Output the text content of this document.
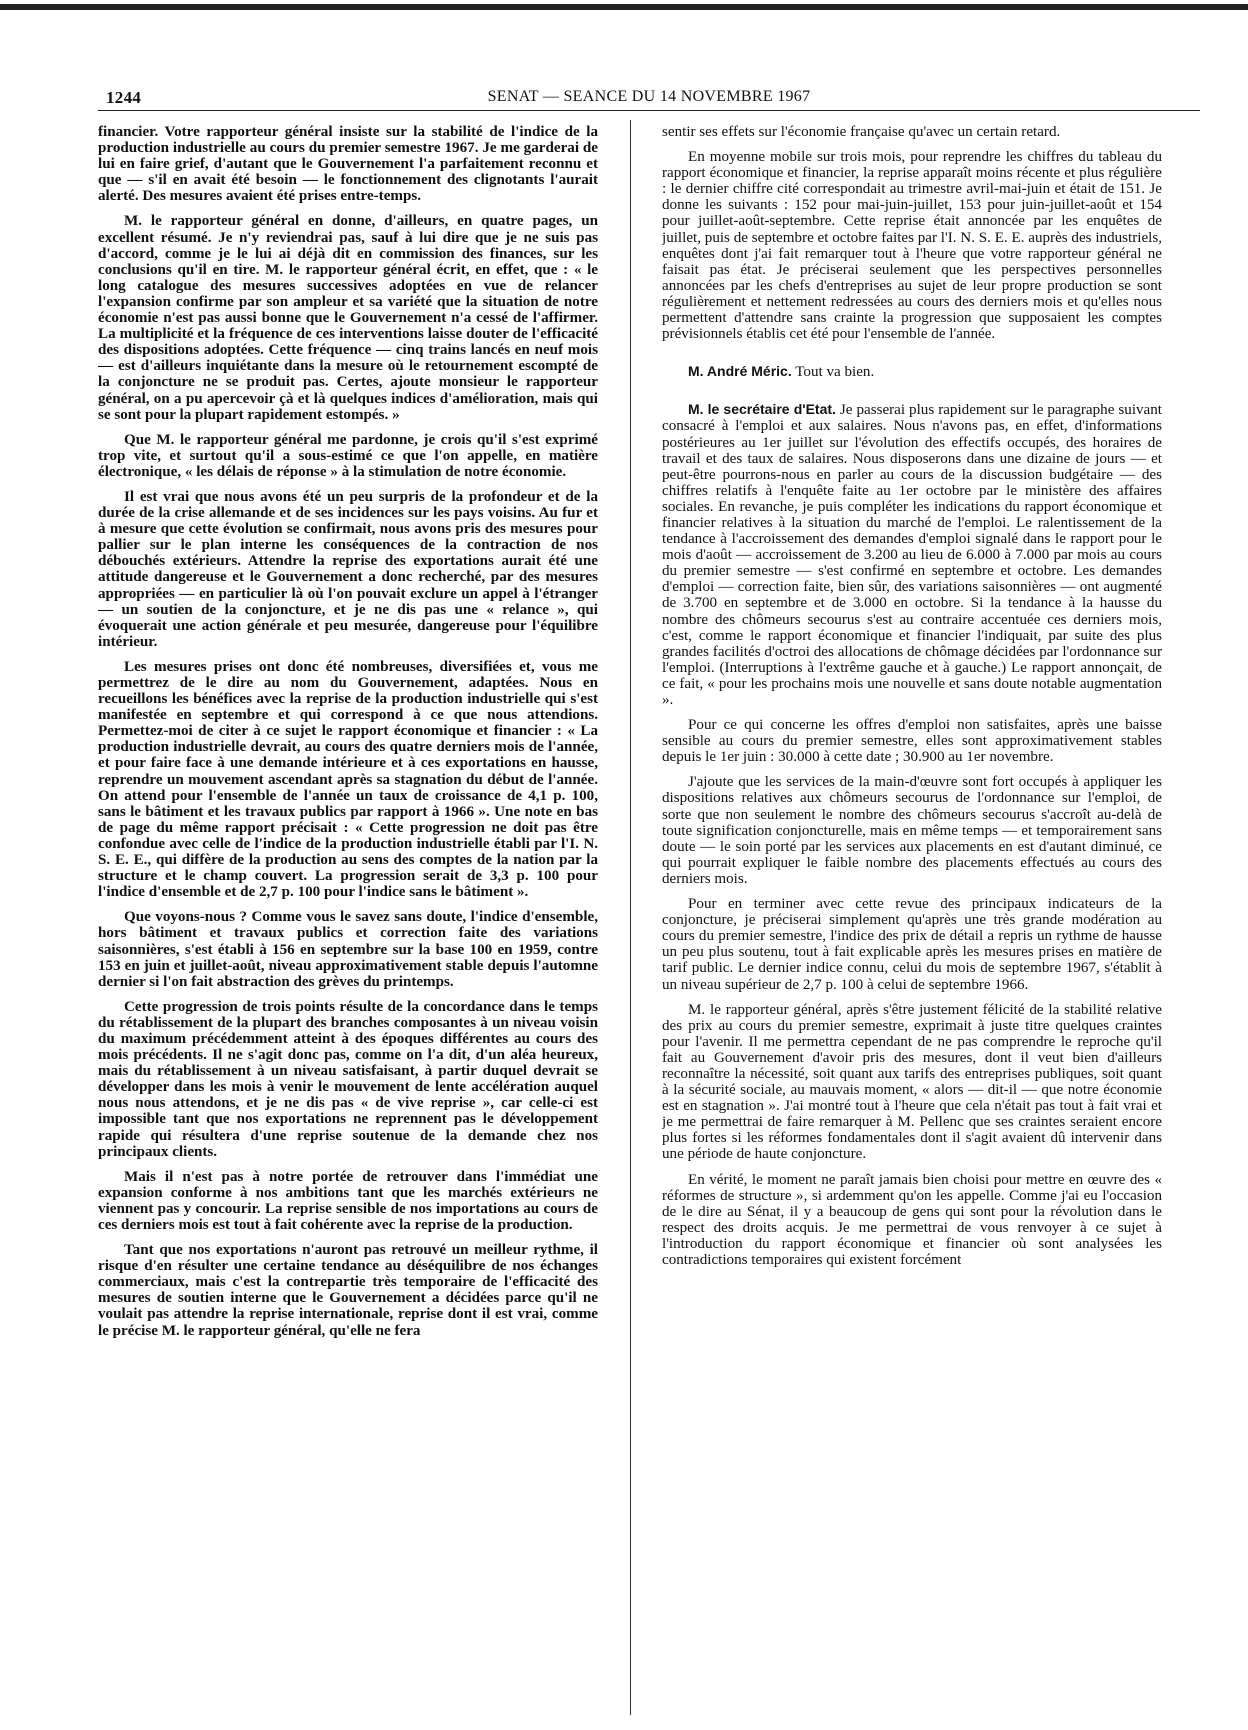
1244	SENAT — SEANCE DU 14 NOVEMBRE 1967

financier. Votre rapporteur général insiste sur la stabilité de l'indice de la production industrielle au cours du premier semestre 1967. Je me garderai de lui en faire grief, d'autant que le Gouvernement l'a parfaitement reconnu et que — s'il en avait été besoin — le fonctionnement des clignotants l'aurait alerté. Des mesures avaient été prises entre-temps.

M. le rapporteur général en donne, d'ailleurs, en quatre pages, un excellent résumé. Je n'y reviendrai pas, sauf à lui dire que je ne suis pas d'accord, comme je le lui ai déjà dit en commission des finances, sur les conclusions qu'il en tire. M. le rapporteur général écrit, en effet, que : « le long catalogue des mesures successives adoptées en vue de relancer l'expansion confirme par son ampleur et sa variété que la situation de notre économie n'est pas aussi bonne que le Gouvernement n'a cessé de l'affirmer. La multiplicité et la fréquence de ces interventions laisse douter de l'efficacité des dispositions adoptées. Cette fréquence — cinq trains lancés en neuf mois — est d'ailleurs inquiétante dans la mesure où le retournement escompté de la conjoncture ne se produit pas. Certes, ajoute monsieur le rapporteur général, on a pu apercevoir çà et là quelques indices d'amélioration, mais qui se sont pour la plupart rapidement estompés. »

Que M. le rapporteur général me pardonne, je crois qu'il s'est exprimé trop vite, et surtout qu'il a sous-estimé ce que l'on appelle, en matière électronique, « les délais de réponse » à la stimulation de notre économie.

Il est vrai que nous avons été un peu surpris de la profondeur et de la durée de la crise allemande et de ses incidences sur les pays voisins. Au fur et à mesure que cette évolution se confirmait, nous avons pris des mesures pour pallier sur le plan interne les conséquences de la contraction de nos débouchés extérieurs. Attendre la reprise des exportations aurait été une attitude dangereuse et le Gouvernement a donc recherché, par des mesures appropriées — en particulier là où l'on pouvait exclure un appel à l'étranger — un soutien de la conjoncture, et je ne dis pas une « relance », qui évoquerait une action générale et peu mesurée, dangereuse pour l'équilibre intérieur.

Les mesures prises ont donc été nombreuses, diversifiées et, vous me permettrez de le dire au nom du Gouvernement, adaptées. Nous en recueillons les bénéfices avec la reprise de la production industrielle qui s'est manifestée en septembre et qui correspond à ce que nous attendions. Permettez-moi de citer à ce sujet le rapport économique et financier : « La production industrielle devrait, au cours des quatre derniers mois de l'année, et pour faire face à une demande intérieure et à ces exportations en hausse, reprendre un mouvement ascendant après sa stagnation du début de l'année. On attend pour l'ensemble de l'année un taux de croissance de 4,1 p. 100, sans le bâtiment et les travaux publics par rapport à 1966 ». Une note en bas de page du même rapport précisait : « Cette progression ne doit pas être confondue avec celle de l'indice de la production industrielle établi par l'I. N. S. E. E., qui diffère de la production au sens des comptes de la nation par la structure et le champ couvert. La progression serait de 3,3 p. 100 pour l'indice d'ensemble et de 2,7 p. 100 pour l'indice sans le bâtiment ».

Que voyons-nous ? Comme vous le savez sans doute, l'indice d'ensemble, hors bâtiment et travaux publics et correction faite des variations saisonnières, s'est établi à 156 en septembre sur la base 100 en 1959, contre 153 en juin et juillet-août, niveau approximativement stable depuis l'automne dernier si l'on fait abstraction des grèves du printemps.

Cette progression de trois points résulte de la concordance dans le temps du rétablissement de la plupart des branches composantes à un niveau voisin du maximum précédemment atteint à des époques différentes au cours des mois précédents. Il ne s'agit donc pas, comme on l'a dit, d'un aléa heureux, mais du rétablissement à un niveau satisfaisant, à partir duquel devrait se développer dans les mois à venir le mouvement de lente accélération auquel nous nous attendons, et je ne dis pas « de vive reprise », car celle-ci est impossible tant que nos exportations ne reprennent pas le développement rapide qui résultera d'une reprise soutenue de la demande chez nos principaux clients.

Mais il n'est pas à notre portée de retrouver dans l'immédiat une expansion conforme à nos ambitions tant que les marchés extérieurs ne viennent pas y concourir. La reprise sensible de nos importations au cours de ces derniers mois est tout à fait cohérente avec la reprise de la production.

Tant que nos exportations n'auront pas retrouvé un meilleur rythme, il risque d'en résulter une certaine tendance au déséquilibre de nos échanges commerciaux, mais c'est la contrepartie très temporaire de l'efficacité des mesures de soutien interne que le Gouvernement a décidées parce qu'il ne voulait pas attendre la reprise internationale, reprise dont il est vrai, comme le précise M. le rapporteur général, qu'elle ne fera

sentir ses effets sur l'économie française qu'avec un certain retard.

En moyenne mobile sur trois mois, pour reprendre les chiffres du tableau du rapport économique et financier, la reprise apparaît moins récente et plus régulière : le dernier chiffre cité correspondait au trimestre avril-mai-juin et était de 151. Je donne les suivants : 152 pour mai-juin-juillet, 153 pour juin-juillet-août et 154 pour juillet-août-septembre. Cette reprise était annoncée par les enquêtes de juillet, puis de septembre et octobre faites par l'I. N. S. E. E. auprès des industriels, enquêtes dont j'ai fait remarquer tout à l'heure que votre rapporteur général ne faisait pas état. Je préciserai seulement que les perspectives personnelles annoncées par les chefs d'entreprises au sujet de leur propre production se sont régulièrement et nettement redressées au cours des derniers mois et qu'elles nous permettent d'attendre sans crainte la progression que supposaient les comptes prévisionnels établis cet été pour l'ensemble de l'année.

M. André Méric. Tout va bien.

M. le secrétaire d'Etat. Je passerai plus rapidement sur le paragraphe suivant consacré à l'emploi et aux salaires. Nous n'avons pas, en effet, d'informations postérieures au 1er juillet sur l'évolution des effectifs occupés, des horaires de travail et des taux de salaires. Nous disposerons dans une dizaine de jours — et peut-être pourrons-nous en parler au cours de la discussion budgétaire — des chiffres relatifs à l'enquête faite au 1er octobre par le ministère des affaires sociales. En revanche, je puis compléter les indications du rapport économique et financier relatives à la situation du marché de l'emploi. Le ralentissement de la tendance à l'accroissement des demandes d'emploi signalé dans le rapport pour le mois d'août — accroissement de 3.200 au lieu de 6.000 à 7.000 par mois au cours du premier semestre — s'est confirmé en septembre et octobre. Les demandes d'emploi — correction faite, bien sûr, des variations saisonnières — ont augmenté de 3.700 en septembre et de 3.000 en octobre. Si la tendance à la hausse du nombre des chômeurs secourus s'est au contraire accentuée ces derniers mois, c'est, comme le rapport économique et financier l'indiquait, par suite des plus grandes facilités d'octroi des allocations de chômage décidées par l'ordonnance sur l'emploi. (Interruptions à l'extrême gauche et à gauche.) Le rapport annonçait, de ce fait, « pour les prochains mois une nouvelle et sans doute notable augmentation ».

Pour ce qui concerne les offres d'emploi non satisfaites, après une baisse sensible au cours du premier semestre, elles sont approximativement stables depuis le 1er juin : 30.000 à cette date ; 30.900 au 1er novembre.

J'ajoute que les services de la main-d'œuvre sont fort occupés à appliquer les dispositions relatives aux chômeurs secourus de l'ordonnance sur l'emploi, de sorte que non seulement le nombre des chômeurs secourus s'accroît au-delà de toute signification conjoncturelle, mais en même temps — et temporairement sans doute — le soin porté par les services aux placements en est d'autant diminué, ce qui pourrait expliquer le faible nombre des placements effectués au cours des derniers mois.

Pour en terminer avec cette revue des principaux indicateurs de la conjoncture, je préciserai simplement qu'après une très grande modération au cours du premier semestre, l'indice des prix de détail a repris un rythme de hausse un peu plus soutenu, tout à fait explicable après les mesures prises en matière de tarif public. Le dernier indice connu, celui du mois de septembre 1967, s'établit à un niveau supérieur de 2,7 p. 100 à celui de septembre 1966.

M. le rapporteur général, après s'être justement félicité de la stabilité relative des prix au cours du premier semestre, exprimait à juste titre quelques craintes pour l'avenir. Il me permettra cependant de ne pas comprendre le reproche qu'il fait au Gouvernement d'avoir pris des mesures, dont il veut bien d'ailleurs reconnaître la nécessité, soit quant aux tarifs des entreprises publiques, soit quant à la sécurité sociale, au mauvais moment, « alors — dit-il — que notre économie est en stagnation ». J'ai montré tout à l'heure que cela n'était pas tout à fait vrai et je me permettrai de faire remarquer à M. Pellenc que ses craintes seraient encore plus fortes si les réformes fondamentales dont il s'agit avaient dû intervenir dans une période de haute conjoncture.

En vérité, le moment ne paraît jamais bien choisi pour mettre en œuvre des « réformes de structure », si ardemment qu'on les appelle. Comme j'ai eu l'occasion de le dire au Sénat, il y a beaucoup de gens qui sont pour la révolution dans le respect des droits acquis. Je me permettrai de vous renvoyer à ce sujet à l'introduction du rapport économique et financier où sont analysées les contradictions temporaires qui existent forcément
